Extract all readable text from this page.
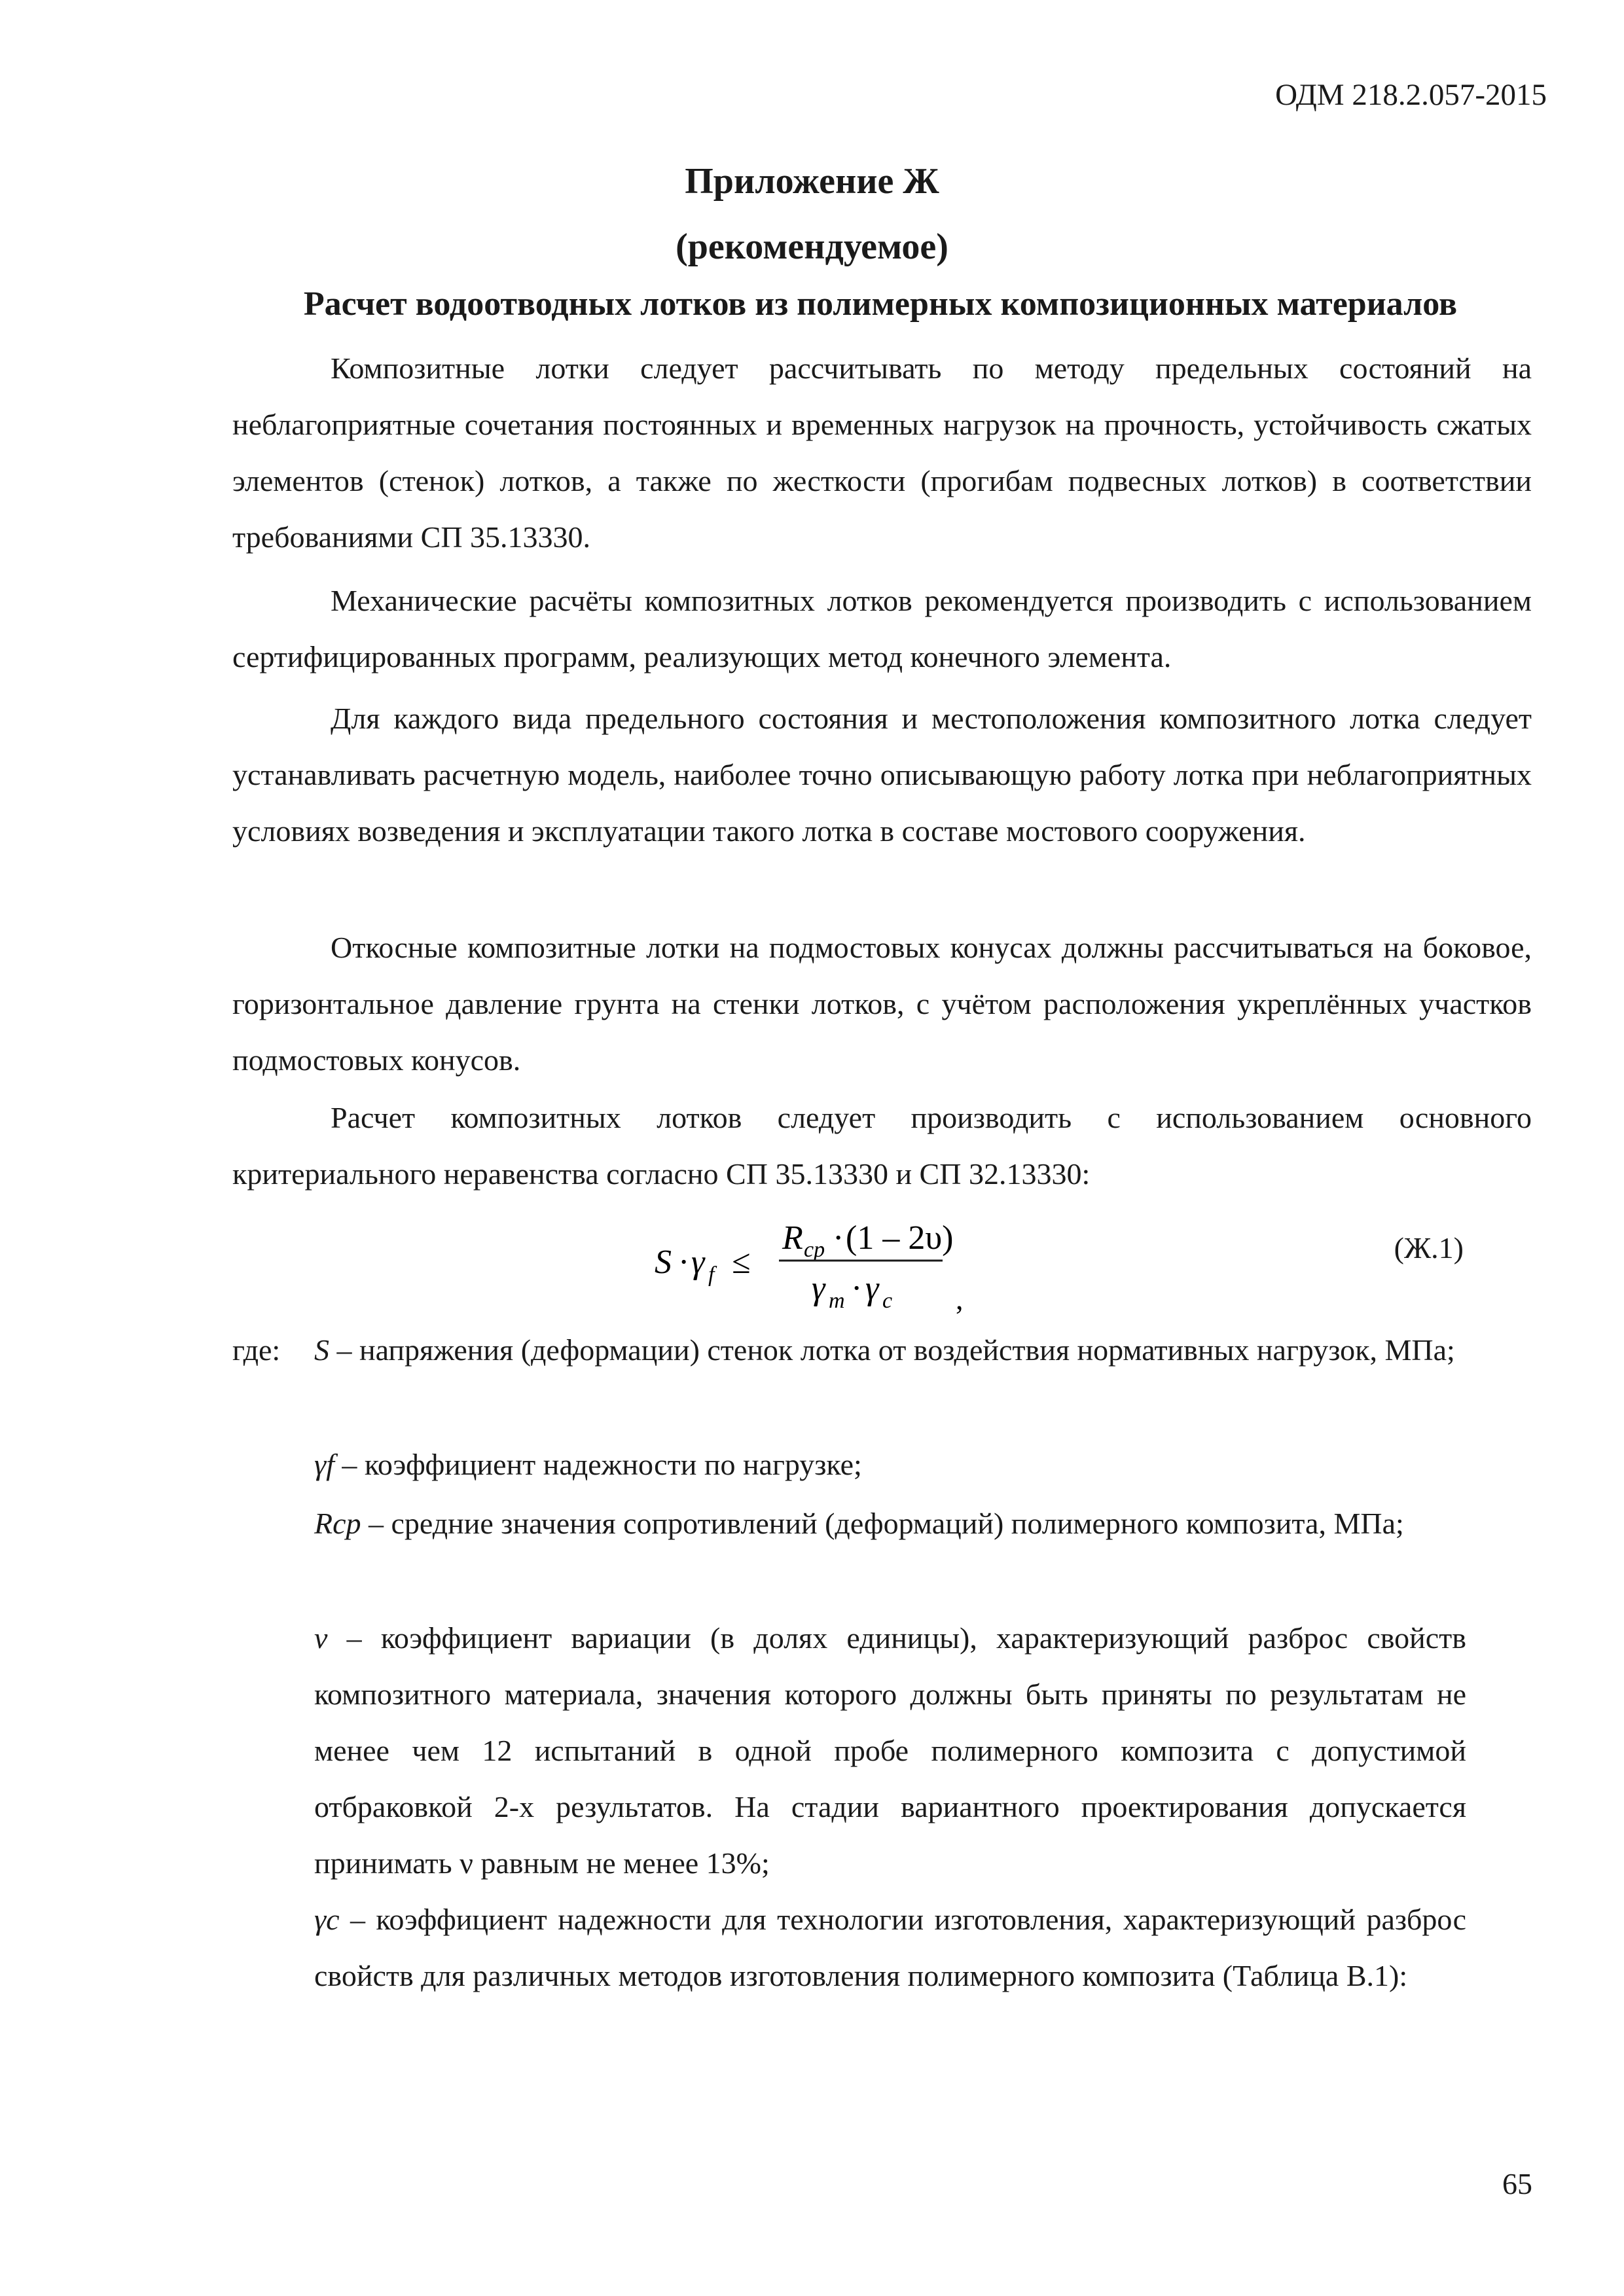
ОДМ 218.2.057-2015
Приложение Ж
(рекомендуемое)
Расчет водоотводных лотков из полимерных композиционных материалов
Композитные лотки следует рассчитывать по методу предельных состояний на неблагоприятные сочетания постоянных и временных нагрузок на прочность, устойчивость сжатых элементов (стенок) лотков, а также по жесткости (прогибам подвесных лотков) в соответствии требованиями СП 35.13330.
Механические расчёты композитных лотков рекомендуется производить с использованием сертифицированных программ, реализующих метод конечного элемента.
Для каждого вида предельного состояния и местоположения композитного лотка следует устанавливать расчетную модель, наиболее точно описывающую работу лотка при неблагоприятных условиях возведения и эксплуатации такого лотка в составе мостового сооружения.
Откосные композитные лотки на подмостовых конусах должны рассчитываться на боковое, горизонтальное давление грунта на стенки лотков, с учётом расположения укреплённых участков подмостовых конусов.
Расчет композитных лотков следует производить с использованием основного критериального неравенства согласно СП 35.13330 и СП 32.13330:
S · γ f ≤
R cp · (1 – 2υ)
γ m · γ c ,
(Ж.1)
где: S – напряжения (деформации) стенок лотка от воздействия нормативных нагрузок, МПа;
γf – коэффициент надежности по нагрузке;
Rcp – средние значения сопротивлений (деформаций) полимерного композита, МПа;
v – коэффициент вариации (в долях единицы), характеризующий разброс свойств композитного материала, значения которого должны быть приняты по результатам не менее чем 12 испытаний в одной пробе полимерного композита с допустимой отбраковкой 2-х результатов. На стадии вариантного проектирования допускается принимать ν равным не менее 13%;
γc – коэффициент надежности для технологии изготовления, характеризующий разброс свойств для различных методов изготовления полимерного композита (Таблица В.1):
65
